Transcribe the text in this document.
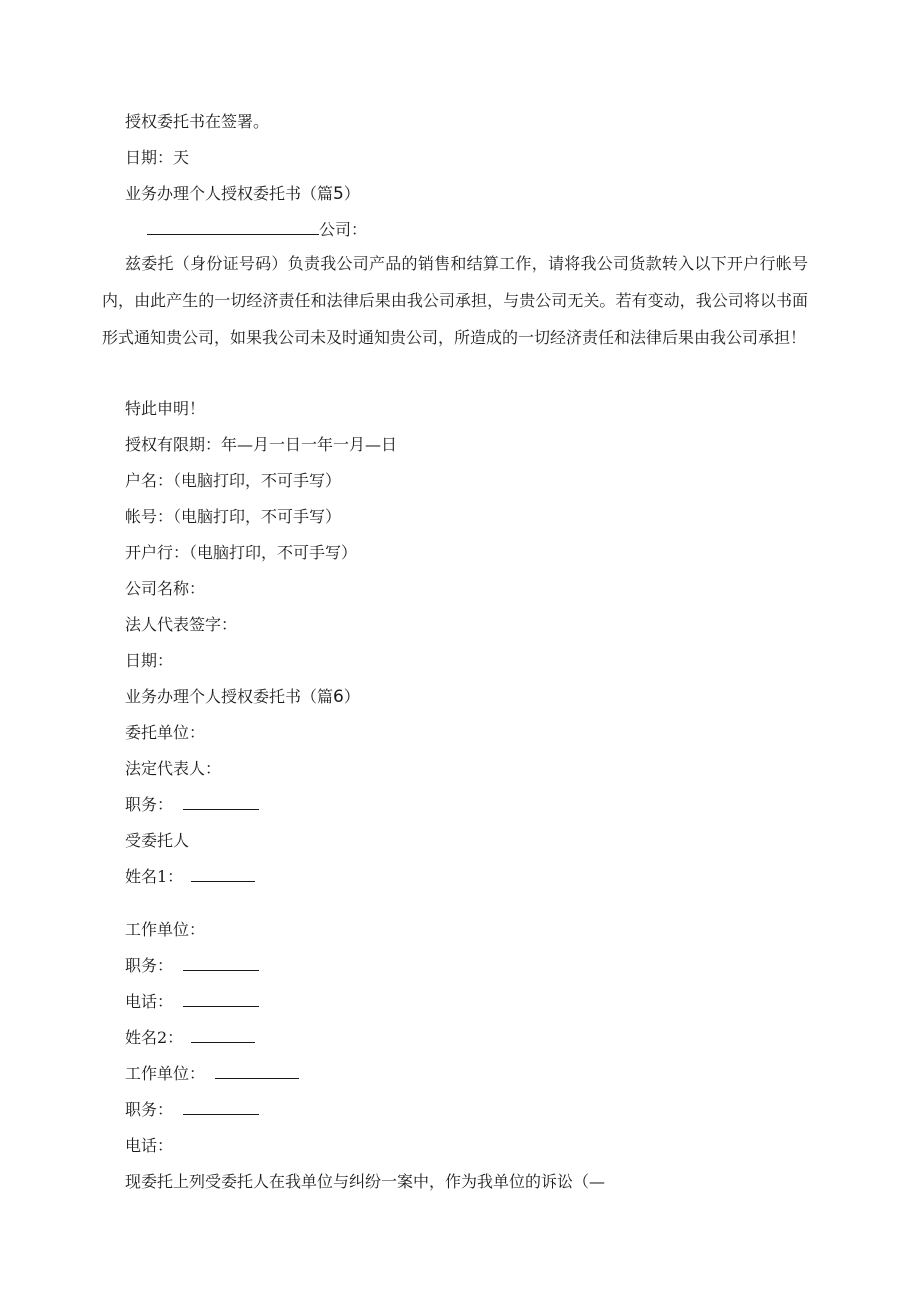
授权委托书在签署。
日期：天
业务办理个人授权委托书（篇5）
公司：
兹委托（身份证号码）负责我公司产品的销售和结算工作，请将我公司货款转入以下开户行帐号内，由此产生的一切经济责任和法律后果由我公司承担，与贵公司无关。若有变动，我公司将以书面形式通知贵公司，如果我公司未及时通知贵公司，所造成的一切经济责任和法律后果由我公司承担！
特此申明！
授权有限期：年—月一日一年一月—日
户名：（电脑打印，不可手写）
帐号：（电脑打印，不可手写）
开户行：（电脑打印，不可手写）
公司名称：
法人代表签字：
日期：
业务办理个人授权委托书（篇6）
委托单位：
法定代表人：
职务：
受委托人
姓名1：
工作单位：
职务：
电话：
姓名2：
工作单位：
职务：
电话：
现委托上列受委托人在我单位与纠纷一案中，作为我单位的诉讼（—
